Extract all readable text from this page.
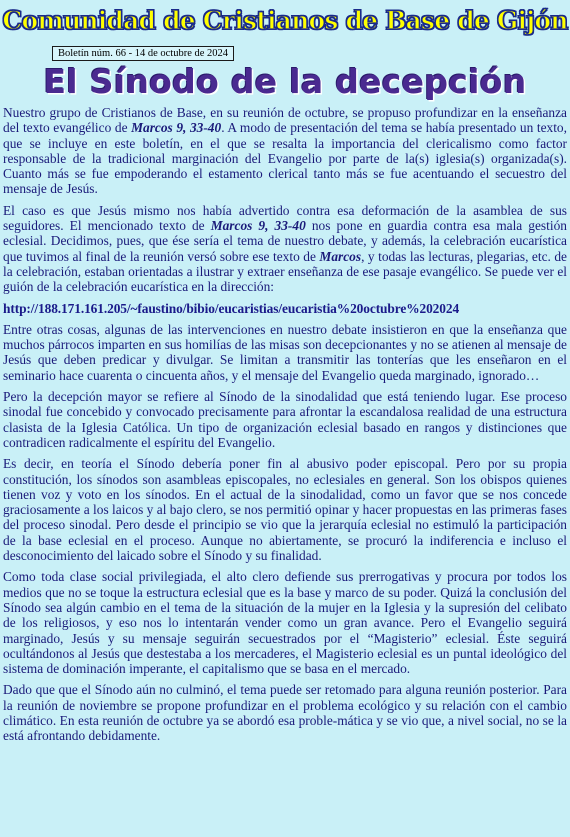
Comunidad de Cristianos de Base de Gijón
Boletín núm. 66 - 14 de octubre de 2024
El Sínodo de la decepción

Nuestro grupo de Cristianos de Base, en su reunión de octubre, se propuso profundizar en la enseñanza del texto evangélico de Marcos 9, 33-40. A modo de presentación del tema se había presentado un texto, que se incluye en este boletín, en el que se resalta la importancia del clericalismo como factor responsable de la tradicional marginación del Evangelio por parte de la(s) iglesia(s) organizada(s). Cuanto más se fue empoderando el estamento clerical tanto más se fue acentuando el secuestro del mensaje de Jesús.

El caso es que Jesús mismo nos había advertido contra esa deformación de la asamblea de sus seguidores. El mencionado texto de Marcos 9, 33-40 nos pone en guardia contra esa mala gestión eclesial. Decidimos, pues, que ése sería el tema de nuestro debate, y además, la celebración eucarística que tuvimos al final de la reunión versó sobre ese texto de Marcos, y todas las lecturas, plegarias, etc. de la celebración, estaban orientadas a ilustrar y extraer enseñanza de ese pasaje evangélico. Se puede ver el guión de la celebración eucarística en la dirección:

http://188.171.161.205/~faustino/bibio/eucaristias/eucaristia%20octubre%202024

Entre otras cosas, algunas de las intervenciones en nuestro debate insistieron en que la enseñanza que muchos párrocos imparten en sus homilías de las misas son decepcionantes y no se atienen al mensaje de Jesús que deben predicar y divulgar. Se limitan a transmitir las tonterías que les enseñaron en el seminario hace cuarenta o cincuenta años, y el mensaje del Evangelio queda marginado, ignorado…

Pero la decepción mayor se refiere al Sínodo de la sinodalidad que está teniendo lugar. Ese proceso sinodal fue concebido y convocado precisamente para afrontar la escandalosa realidad de una estructura clasista de la Iglesia Católica. Un tipo de organización eclesial basado en rangos y distinciones que contradicen radicalmente el espíritu del Evangelio.

Es decir, en teoría el Sínodo debería poner fin al abusivo poder episcopal. Pero por su propia constitución, los sínodos son asambleas episcopales, no eclesiales en general. Son los obispos quienes tienen voz y voto en los sínodos. En el actual de la sinodalidad, como un favor que se nos concede graciosamente a los laicos y al bajo clero, se nos permitió opinar y hacer propuestas en las primeras fases del proceso sinodal. Pero desde el principio se vio que la jerarquía eclesial no estimuló la participación de la base eclesial en el proceso. Aunque no abiertamente, se procuró la indiferencia e incluso el desconocimiento del laicado sobre el Sínodo y su finalidad.

Como toda clase social privilegiada, el alto clero defiende sus prerrogativas y procura por todos los medios que no se toque la estructura eclesial que es la base y marco de su poder. Quizá la conclusión del Sínodo sea algún cambio en el tema de la situación de la mujer en la Iglesia y la supresión del celibato de los religiosos, y eso nos lo intentarán vender como un gran avance. Pero el Evangelio seguirá marginado, Jesús y su mensaje seguirán secuestrados por el “Magisterio” eclesial. Éste seguirá ocultándonos al Jesús que destestaba a los mercaderes, el Magisterio eclesial es un puntal ideológico del sistema de dominación imperante, el capitalismo que se basa en el mercado.

Dado que que el Sínodo aún no culminó, el tema puede ser retomado para alguna reunión posterior. Para la reunión de noviembre se propone profundizar en el problema ecológico y su relación con el cambio climático. En esta reunión de octubre ya se abordó esa proble-mática y se vio que, a nivel social, no se la está afrontando debidamente.
